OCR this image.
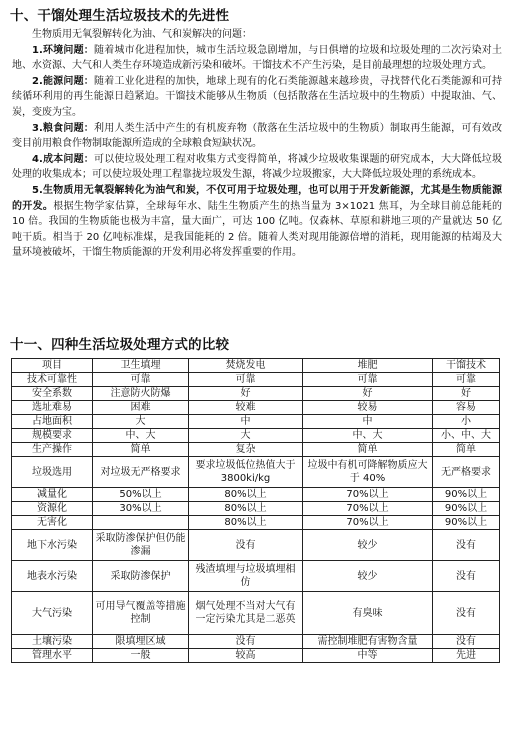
十、干馏处理生活垃圾技术的先进性

生物质用无氧裂解转化为油、气和炭解决的问题：

1.环境问题：随着城市化进程加快，城市生活垃圾急剧增加，与日俱增的垃圾和垃圾处理的二次污染对土地、水资源、大气和人类生存环境造成新污染和破坏。干馏技术不产生污染，是目前最理想的垃圾处理方式。

2.能源问题：随着工业化进程的加快，地球上现有的化石类能源越来越珍贵，寻找替代化石类能源和可持续循环利用的再生能源日趋紧迫。干馏技术能够从生物质（包括散落在生活垃圾中的生物质）中提取油、气、炭，变废为宝。

3.粮食问题：利用人类生活中产生的有机废弃物（散落在生活垃圾中的生物质）制取再生能源，可有效改变目前用粮食作物制取能源所造成的全球粮食短缺状况。

4.成本问题：可以使垃圾处理工程对收集方式变得简单，将减少垃圾收集课题的研究成本，大大降低垃圾处理的收集成本；可以使垃圾处理工程靠拢垃圾发生源，将减少垃圾搬家，大大降低垃圾处理的系统成本。

5.生物质用无氧裂解转化为油气和炭，不仅可用于垃圾处理，也可以用于开发新能源，尤其是生物质能源的开发。根据生物学家估算，全球每年水、陆生生物质产生的热当量为 3×1021 焦耳，为全球目前总能耗的 10 倍。我国的生物质能也极为丰富，量大面广，可达 100 亿吨。仅森林、草原和耕地三项的产量就达 50 亿吨干质。相当于 20 亿吨标准煤，是我国能耗的 2 倍。随着人类对现用能源倍增的消耗，现用能源的枯竭及大量环境被破坏，干馏生物质能源的开发利用必将发挥重要的作用。

十一、四种生活垃圾处理方式的比较
项目	卫生填埋	焚烧发电	堆肥	干馏技术
技术可靠性	可靠	可靠	可靠	可靠
安全系数	注意防火防爆	好	好	好
选址难易	困难	较难	较易	容易
占地面积	大	中	中	小
规模要求	中、大	大	中、大	小、中、大
生产操作	简单	复杂	简单	简单
垃圾选用	对垃圾无严格要求	要求垃圾低位热值大于 3800ki/kg	垃圾中有机可降解物质应大于 40%	无严格要求
减量化	50%以上	80%以上	70%以上	90%以上
资源化	30%以上	80%以上	70%以上	90%以上
无害化		80%以上	70%以上	90%以上
地下水污染	采取防渗保护但仍能渗漏	没有	较少	没有
地表水污染	采取防渗保护	残渣填埋与垃圾填埋相仿	较少	没有
大气污染	可用导气覆盖等措施控制	烟气处理不当对大气有一定污染尤其是二恶英	有臭味	没有
土壤污染	限填埋区域	没有	需控制堆肥有害物含量	没有
管理水平	一般	较高	中等	先进
